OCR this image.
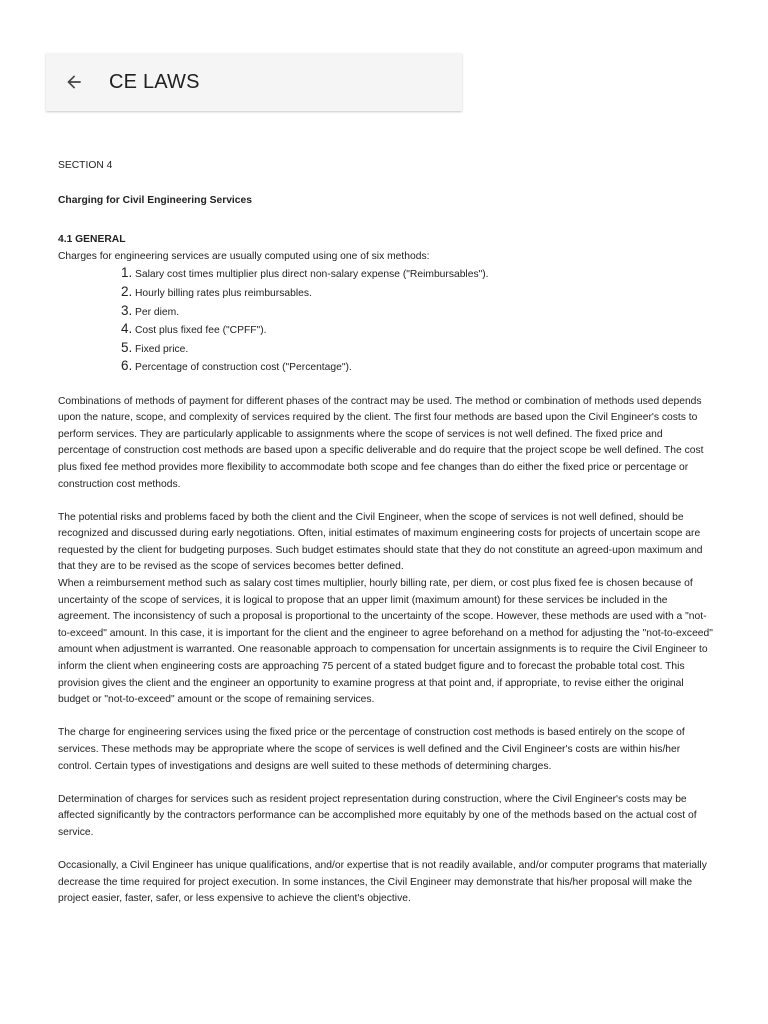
CE LAWS
SECTION 4
Charging for Civil Engineering Services
4.1 GENERAL
Charges for engineering services are usually computed using one of six methods:
1. Salary cost times multiplier plus direct non-salary expense ("Reimbursables").
2. Hourly billing rates plus reimbursables.
3. Per diem.
4. Cost plus fixed fee ("CPFF").
5. Fixed price.
6. Percentage of construction cost ("Percentage").
Combinations of methods of payment for different phases of the contract may be used. The method or combination of methods used depends upon the nature, scope, and complexity of services required by the client. The first four methods are based upon the Civil Engineer's costs to perform services. They are particularly applicable to assignments where the scope of services is not well defined. The fixed price and percentage of construction cost methods are based upon a specific deliverable and do require that the project scope be well defined. The cost plus fixed fee method provides more flexibility to accommodate both scope and fee changes than do either the fixed price or percentage or construction cost methods.
The potential risks and problems faced by both the client and the Civil Engineer, when the scope of services is not well defined, should be recognized and discussed during early negotiations. Often, initial estimates of maximum engineering costs for projects of uncertain scope are requested by the client for budgeting purposes. Such budget estimates should state that they do not constitute an agreed-upon maximum and that they are to be revised as the scope of services becomes better defined.
When a reimbursement method such as salary cost times multiplier, hourly billing rate, per diem, or cost plus fixed fee is chosen because of uncertainty of the scope of services, it is logical to propose that an upper limit (maximum amount) for these services be included in the agreement. The inconsistency of such a proposal is proportional to the uncertainty of the scope. However, these methods are used with a "not-to-exceed" amount. In this case, it is important for the client and the engineer to agree beforehand on a method for adjusting the "not-to-exceed" amount when adjustment is warranted. One reasonable approach to compensation for uncertain assignments is to require the Civil Engineer to inform the client when engineering costs are approaching 75 percent of a stated budget figure and to forecast the probable total cost. This provision gives the client and the engineer an opportunity to examine progress at that point and, if appropriate, to revise either the original budget or "not-to-exceed" amount or the scope of remaining services.
The charge for engineering services using the fixed price or the percentage of construction cost methods is based entirely on the scope of services. These methods may be appropriate where the scope of services is well defined and the Civil Engineer's costs are within his/her control. Certain types of investigations and designs are well suited to these methods of determining charges.
Determination of charges for services such as resident project representation during construction, where the Civil Engineer's costs may be affected significantly by the contractors performance can be accomplished more equitably by one of the methods based on the actual cost of service.
Occasionally, a Civil Engineer has unique qualifications, and/or expertise that is not readily available, and/or computer programs that materially decrease the time required for project execution. In some instances, the Civil Engineer may demonstrate that his/her proposal will make the project easier, faster, safer, or less expensive to achieve the client's objective.
